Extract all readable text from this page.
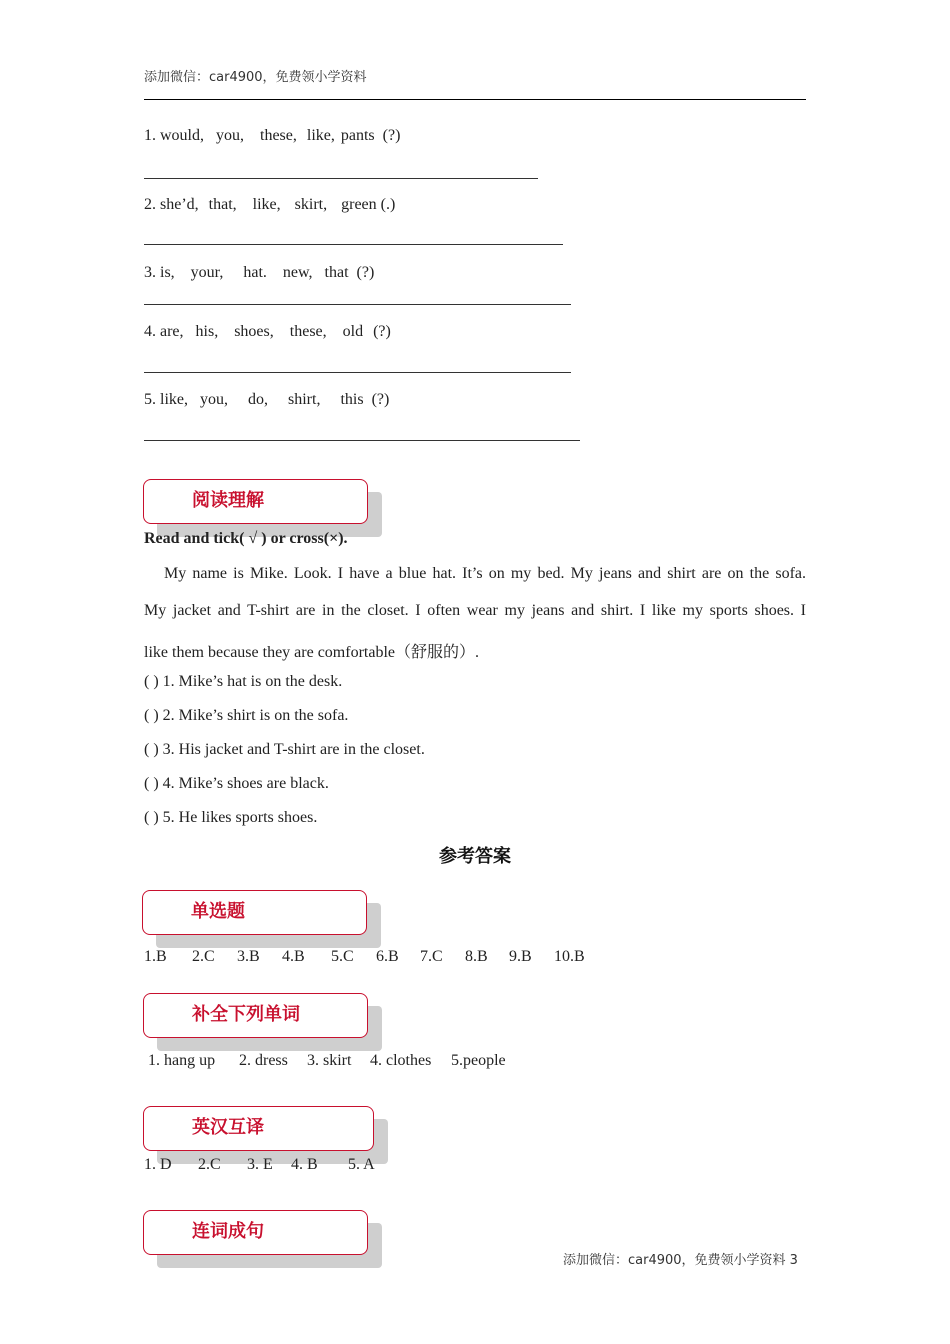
添加微信：car4900，免费领小学资料
1. would, you, these, like, pants (?)
2. she’d, that, like, skirt, green (.)
3. is, your, hat. new, that (?)
4. are, his, shoes, these, old (?)
5. like, you, do, shirt, this (?)
阅读理解
Read and tick( √ ) or cross(×).
My name is Mike. Look. I have a blue hat. It’s on my bed. My jeans and shirt are on the sofa.
My jacket and T-shirt are in the closet. I often wear my jeans and shirt. I like my sports shoes. I
like them because they are comfortable（舒服的）.
( ) 1. Mike’s hat is on the desk.
( ) 2. Mike’s shirt is on the sofa.
( ) 3. His jacket and T-shirt are in the closet.
( ) 4. Mike’s shoes are black.
( ) 5. He likes sports shoes.
参考答案
单选题
1.B 2.C 3.B 4.B 5.C 6.B 7.C 8.B 9.B 10.B
补全下列单词
1. hang up 2. dress 3. skirt 4. clothes 5.people
英汉互译
1. D 2.C 3. E 4. B 5. A
连词成句
添加微信：car4900，免费领小学资料 3
